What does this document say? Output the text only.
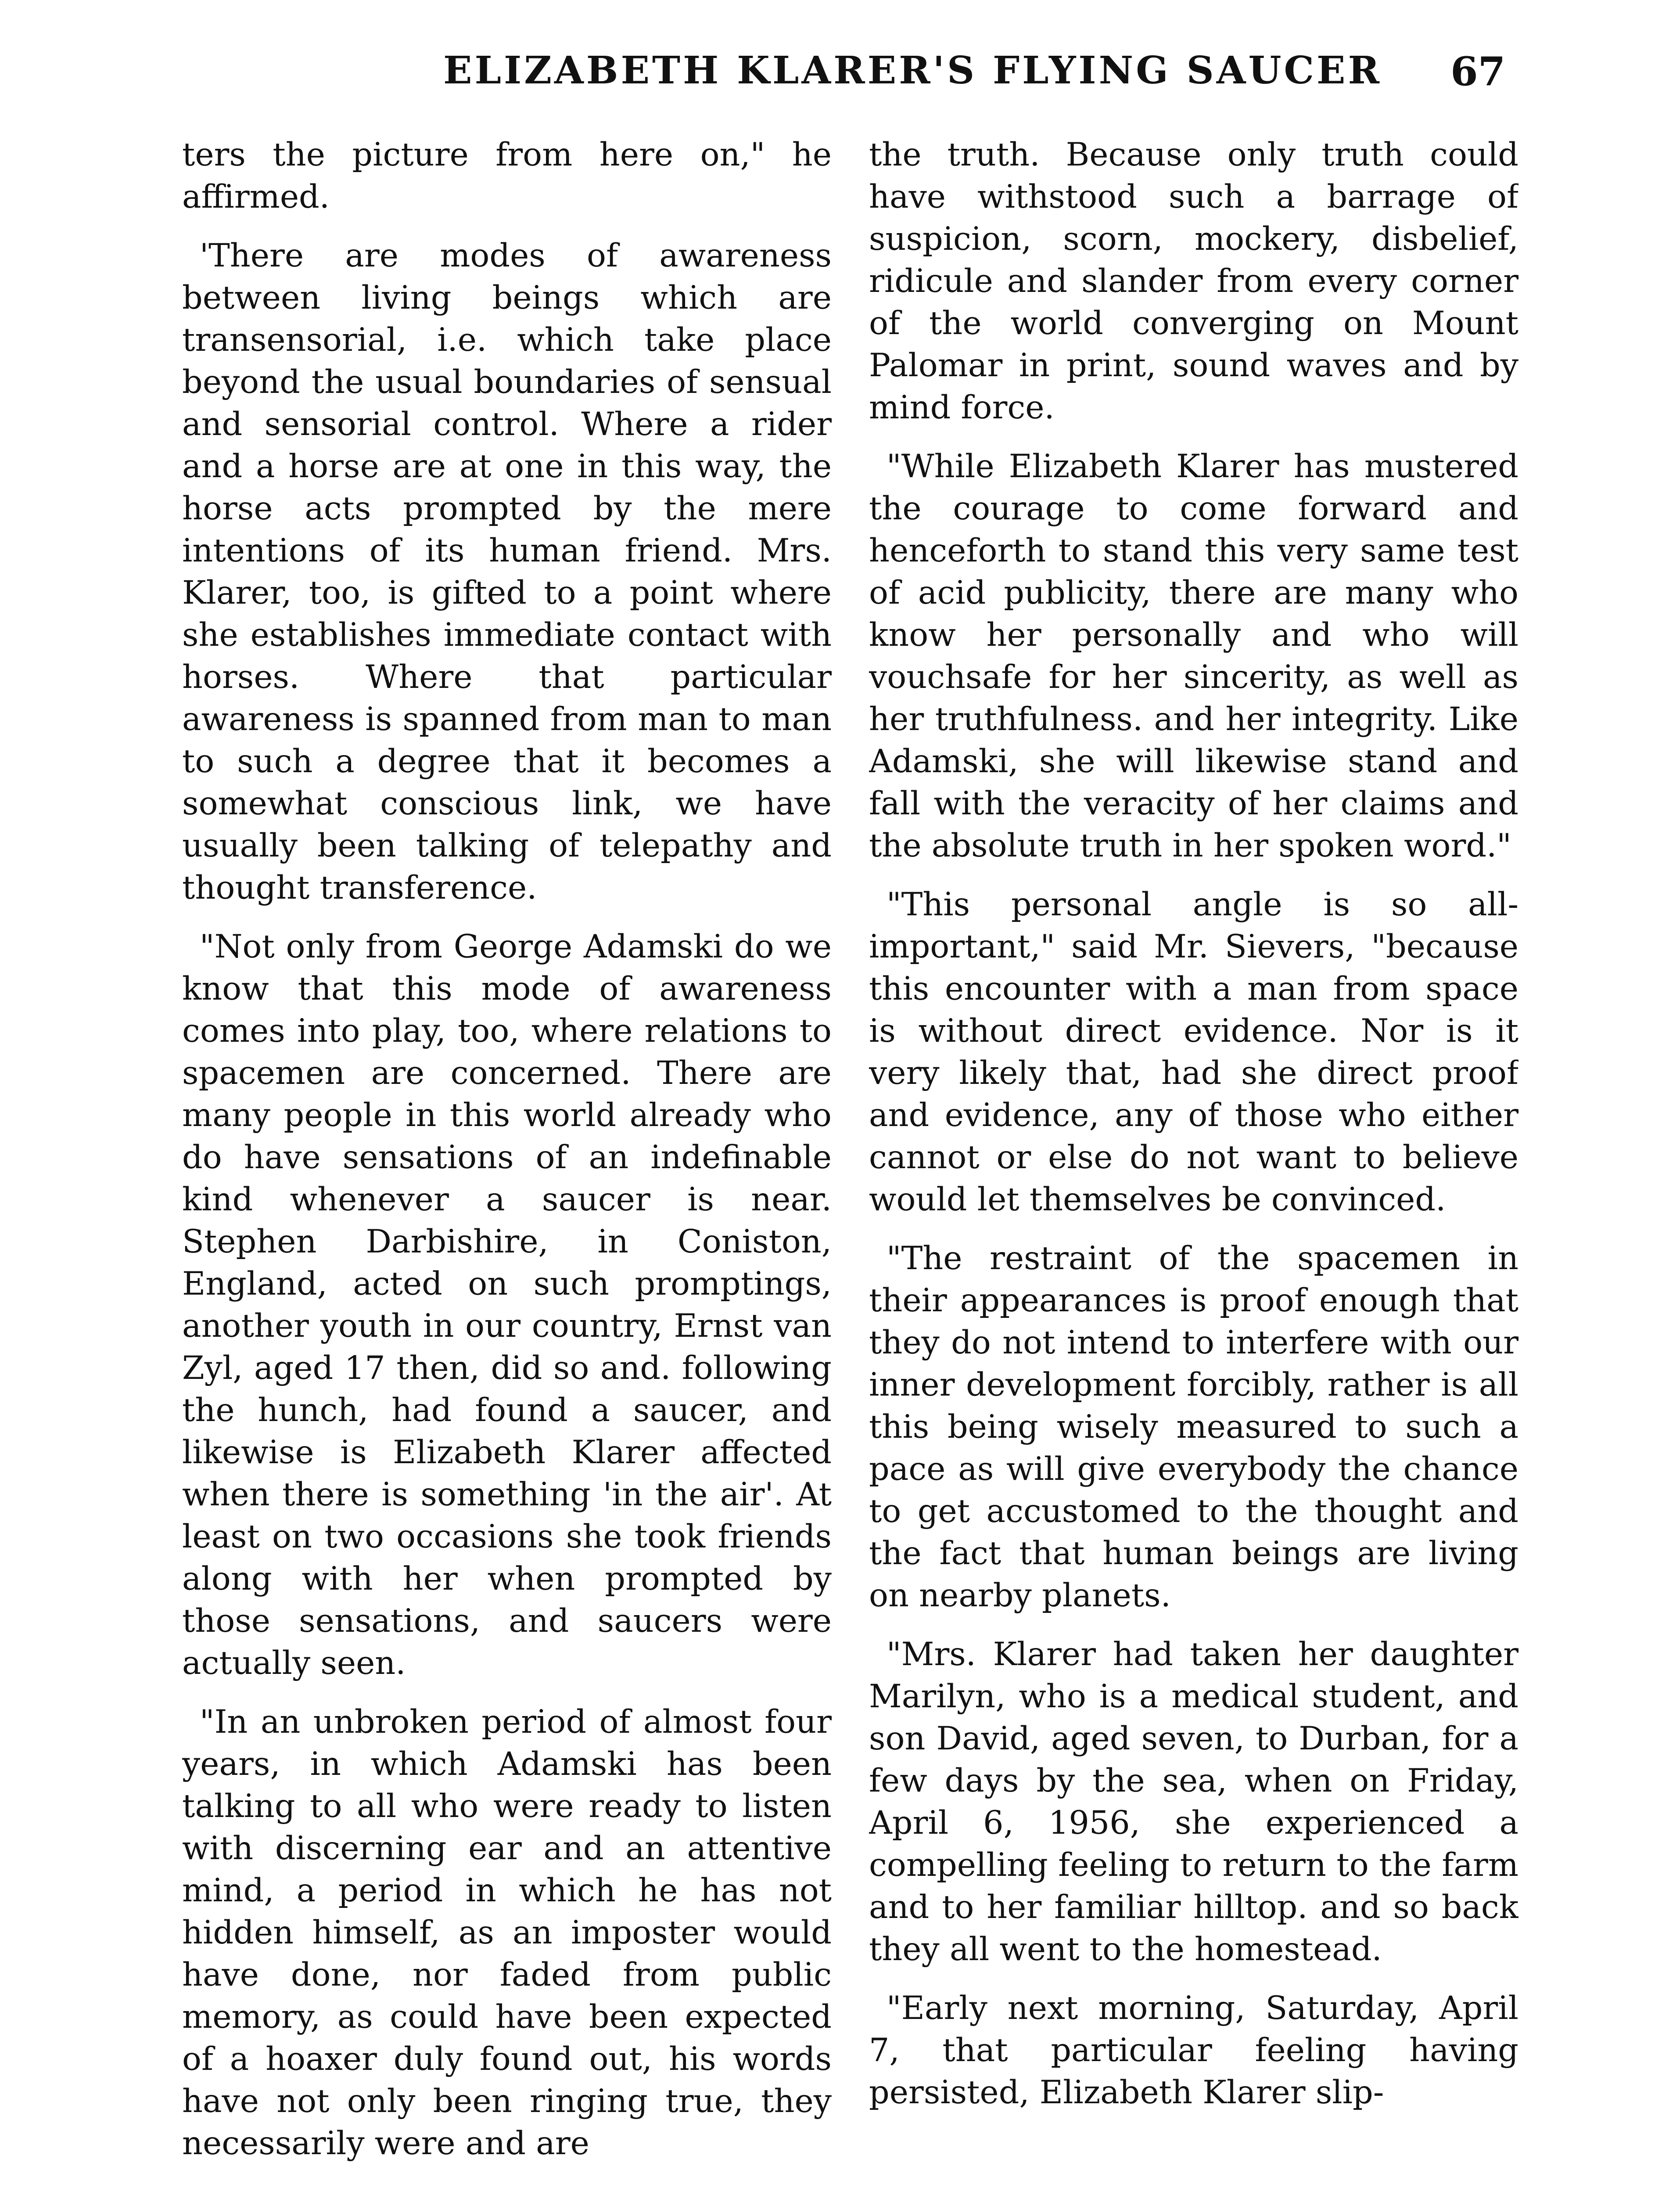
ELIZABETH KLARER'S FLYING SAUCER 67

ters the picture from here on," he affirmed.

'There are modes of awareness between living beings which are transensorial, i.e. which take place beyond the usual boundaries of sensual and sensorial control. Where a rider and a horse are at one in this way, the horse acts prompted by the mere intentions of its human friend. Mrs. Klarer, too, is gifted to a point where she establishes immediate contact with horses. Where that particular awareness is spanned from man to man to such a degree that it becomes a somewhat conscious link, we have usually been talking of telepathy and thought transference.

"Not only from George Adamski do we know that this mode of awareness comes into play, too, where relations to spacemen are concerned. There are many people in this world already who do have sensations of an indefinable kind whenever a saucer is near. Stephen Darbishire, in Coniston, England, acted on such promptings, another youth in our country, Ernst van Zyl, aged 17 then, did so and. following the hunch, had found a saucer, and likewise is Elizabeth Klarer affected when there is something 'in the air'. At least on two occasions she took friends along with her when prompted by those sensations, and saucers were actually seen.

"In an unbroken period of almost four years, in which Adamski has been talking to all who were ready to listen with discerning ear and an attentive mind, a period in which he has not hidden himself, as an imposter would have done, nor faded from public memory, as could have been expected of a hoaxer duly found out, his words have not only been ringing true, they necessarily were and are

the truth. Because only truth could have withstood such a barrage of suspicion, scorn, mockery, disbelief, ridicule and slander from every corner of the world converging on Mount Palomar in print, sound waves and by mind force.

"While Elizabeth Klarer has mustered the courage to come forward and henceforth to stand this very same test of acid publicity, there are many who know her personally and who will vouchsafe for her sincerity, as well as her truthfulness. and her integrity. Like Adamski, she will likewise stand and fall with the veracity of her claims and the absolute truth in her spoken word."

"This personal angle is so all-important," said Mr. Sievers, "because this encounter with a man from space is without direct evidence. Nor is it very likely that, had she direct proof and evidence, any of those who either cannot or else do not want to believe would let themselves be convinced.

"The restraint of the spacemen in their appearances is proof enough that they do not intend to interfere with our inner development forcibly, rather is all this being wisely measured to such a pace as will give everybody the chance to get accustomed to the thought and the fact that human beings are living on nearby planets.

"Mrs. Klarer had taken her daughter Marilyn, who is a medical student, and son David, aged seven, to Durban, for a few days by the sea, when on Friday, April 6, 1956, she experienced a compelling feeling to return to the farm and to her familiar hilltop. and so back they all went to the homestead.

"Early next morning, Saturday, April 7, that particular feeling having persisted, Elizabeth Klarer slip-
